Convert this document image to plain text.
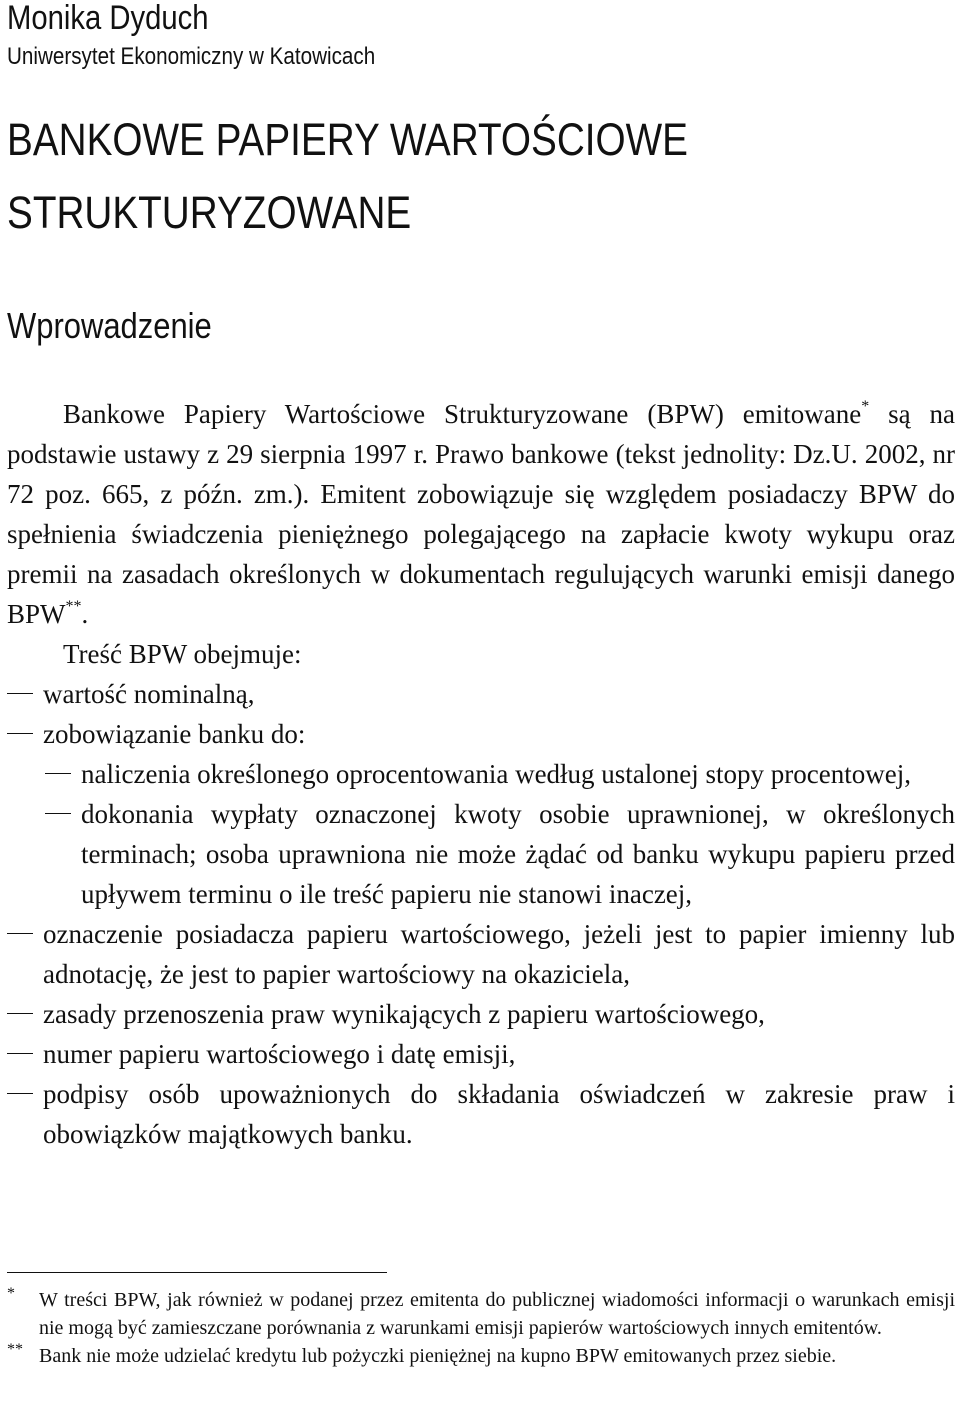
Monika Dyduch
Uniwersytet Ekonomiczny w Katowicach
BANKOWE PAPIERY WARTOŚCIOWE
STRUKTURYZOWANE
Wprowadzenie

Bankowe Papiery Wartościowe Strukturyzowane (BPW) emitowane* są na podstawie ustawy z 29 sierpnia 1997 r. Prawo bankowe (tekst jednolity: Dz.U. 2002, nr 72 poz. 665, z późn. zm.). Emitent zobowiązuje się względem posiadaczy BPW do spełnienia świadczenia pieniężnego polegającego na zapłacie kwoty wykupu oraz premii na zasadach określonych w dokumentach regulujących warunki emisji danego BPW**.

Treść BPW obejmuje:

wartość nominalną,
zobowiązanie banku do:
naliczenia określonego oprocentowania według ustalonej stopy procentowej,
dokonania wypłaty oznaczonej kwoty osobie uprawnionej, w określonych terminach; osoba uprawniona nie może żądać od banku wykupu papieru przed upływem terminu o ile treść papieru nie stanowi inaczej,
oznaczenie posiadacza papieru wartościowego, jeżeli jest to papier imienny lub adnotację, że jest to papier wartościowy na okaziciela,
zasady przenoszenia praw wynikających z papieru wartościowego,
numer papieru wartościowego i datę emisji,
podpisy osób upoważnionych do składania oświadczeń w zakresie praw i obowiązków majątkowych banku.
* W treści BPW, jak również w podanej przez emitenta do publicznej wiadomości informacji o warunkach emisji nie mogą być zamieszczane porównania z warunkami emisji papierów wartościowych innych emitentów.
** Bank nie może udzielać kredytu lub pożyczki pieniężnej na kupno BPW emitowanych przez siebie.
